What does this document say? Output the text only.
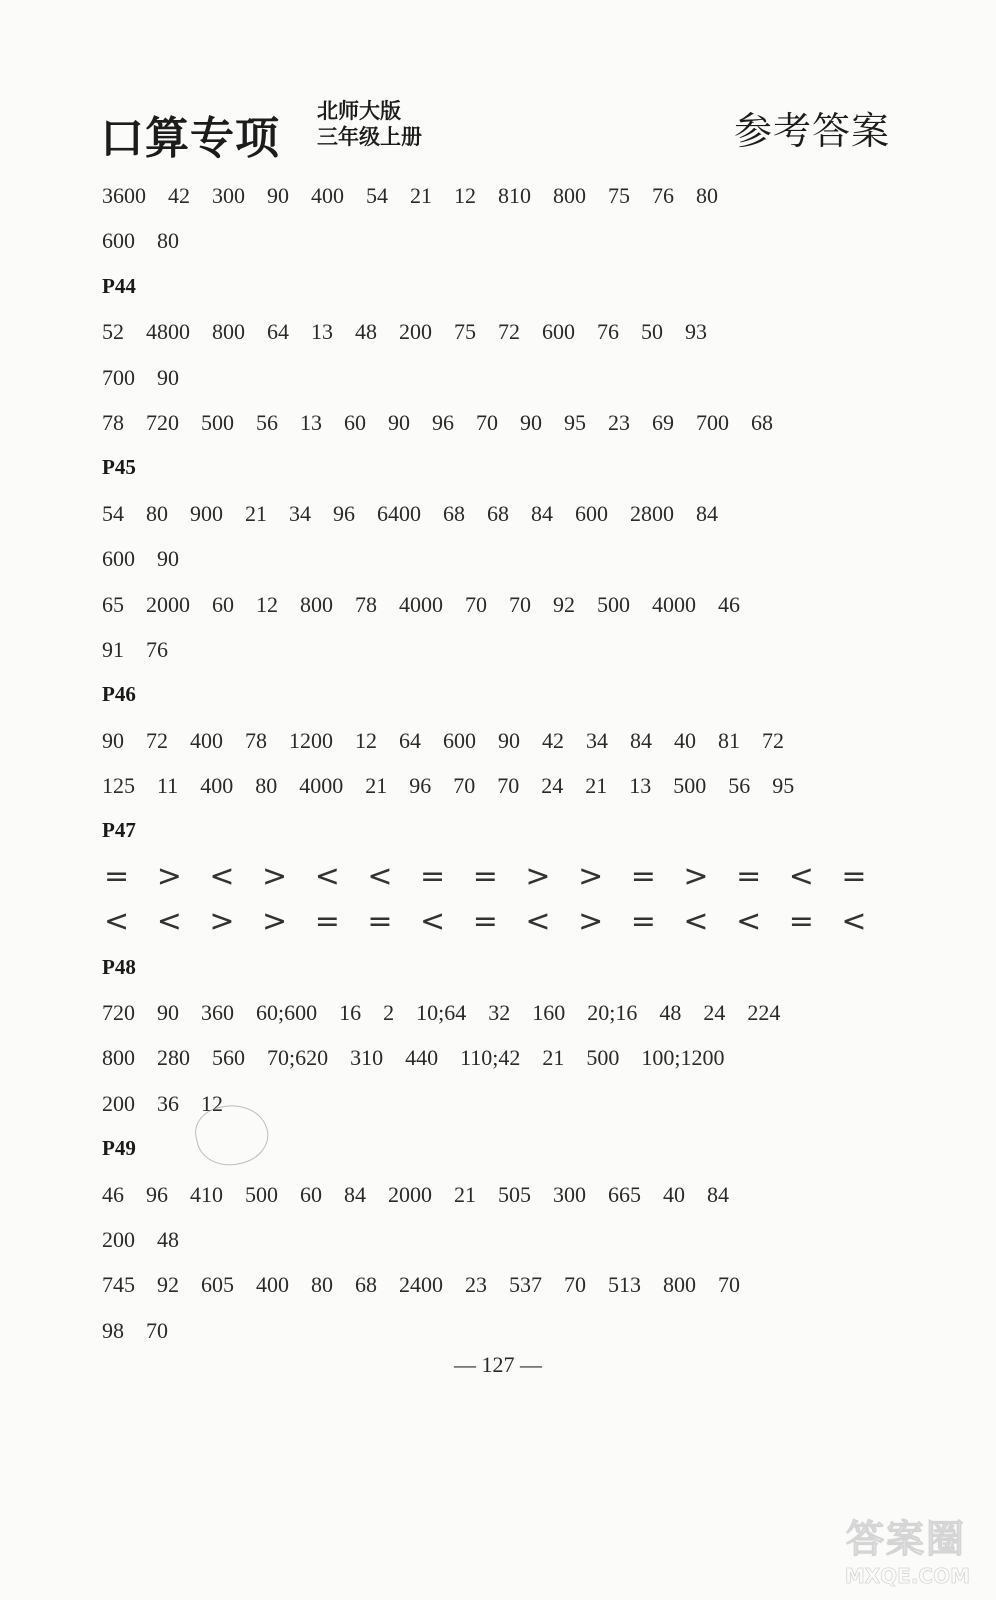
口算专项
北师大版
三年级上册	参考答案
3600 42 300 90 400 54 21 12 810 800 75 76 80
600 80
P44
52 4800 800 64 13 48 200 75 72 600 76 50 93
700 90
78 720 500 56 13 60 90 96 70 90 95 23 69 700 68
P45
54 80 900 21 34 96 6400 68 68 84 600 2800 84
600 90
65 2000 60 12 800 78 4000 70 70 92 500 4000 46
91 76
P46
90 72 400 78 1200 12 64 600 90 42 34 84 40 81 72
125 11 400 80 4000 21 96 70 70 24 21 13 500 56 95
P47
= > < > < < = = > > = > = < =
< < > > = = < = < > = < < = <
P48
720 90 360 60;600 16 2 10;64 32 160 20;16 48 24 224
800 280 560 70;620 310 440 110;42 21 500 100;1200
200 36 12
P49
46 96 410 500 60 84 2000 21 505 300 665 40 84
200 48
745 92 605 400 80 68 2400 23 537 70 513 800 70
98 70
— 127 —
答案圈
MXQE.COM
